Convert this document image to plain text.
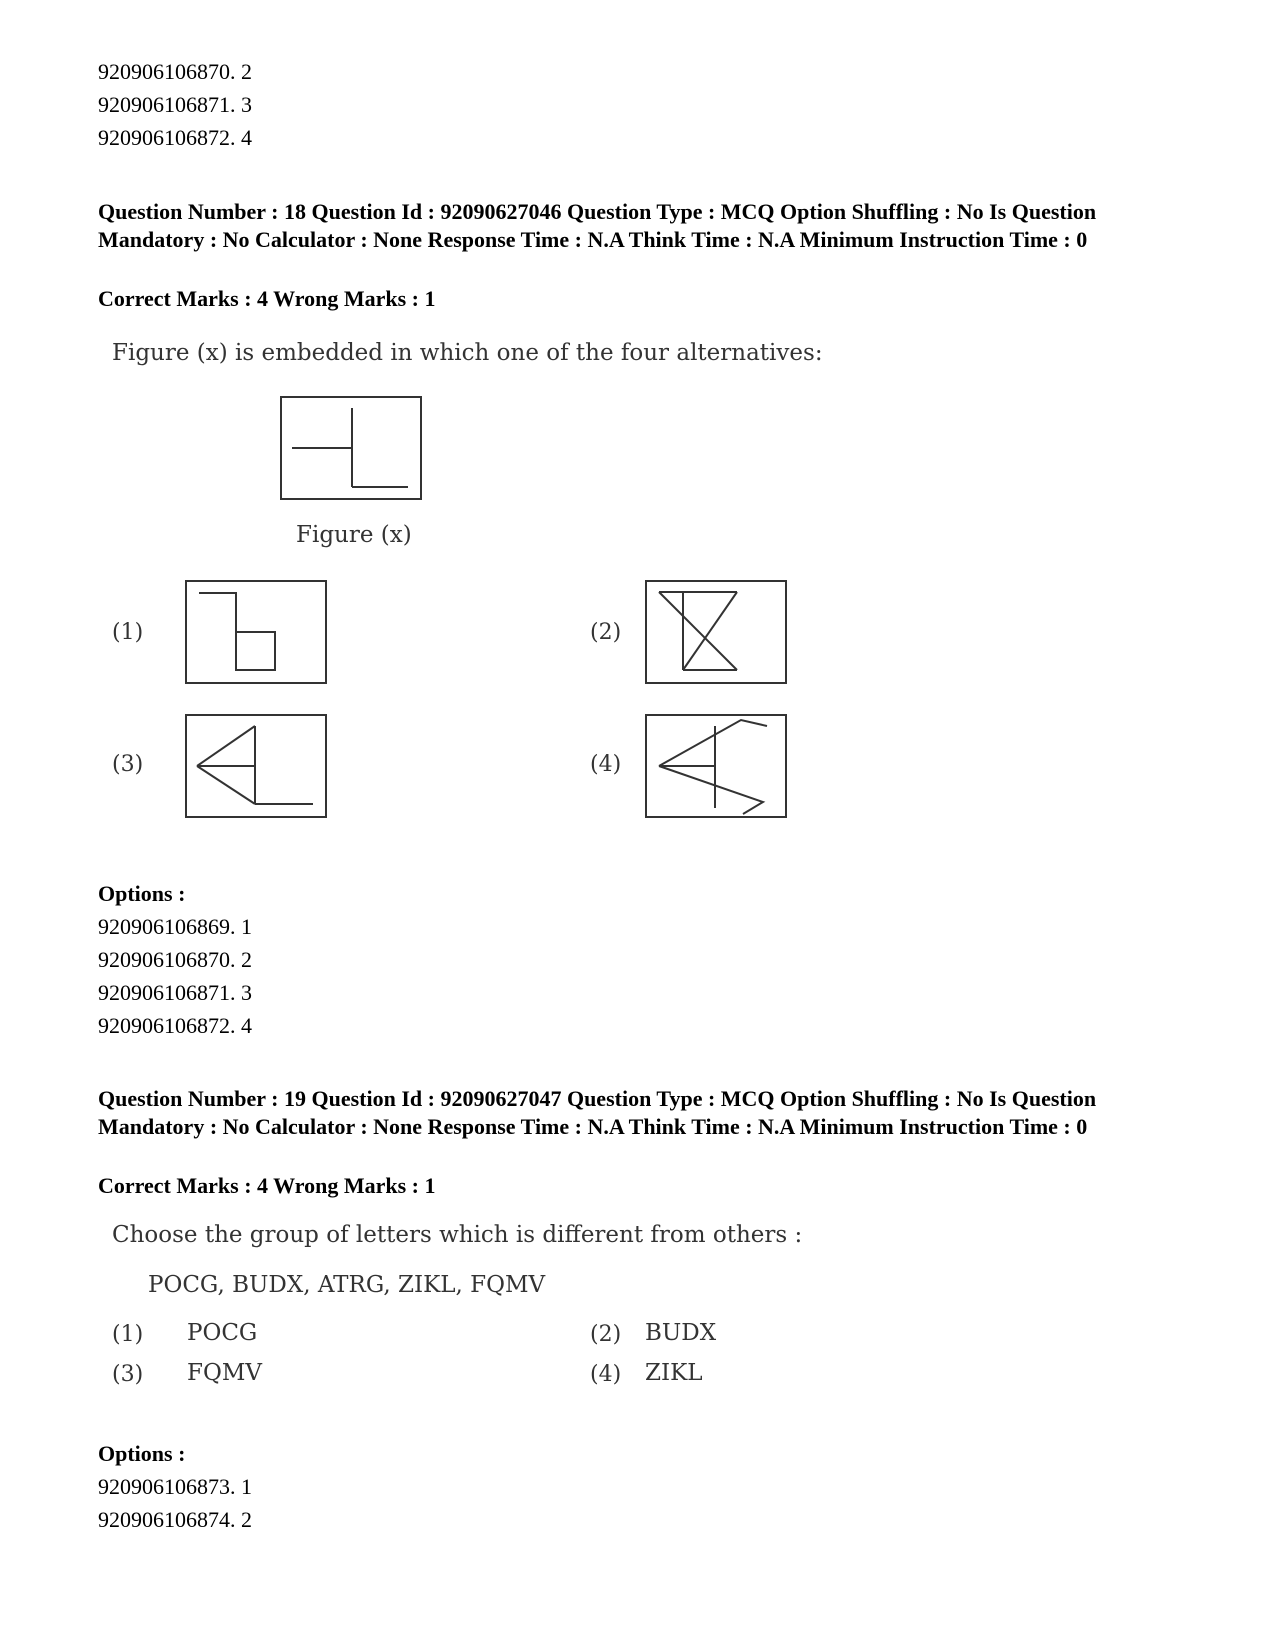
920906106870. 2
920906106871. 3
920906106872. 4
Question Number : 18 Question Id : 92090627046 Question Type : MCQ Option Shuffling : No Is Question Mandatory : No Calculator : None Response Time : N.A Think Time : N.A Minimum Instruction Time : 0
Correct Marks : 4 Wrong Marks : 1
Figure (x) is embedded in which one of the four alternatives:
Figure (x)
(1)	(2)
(3)	(4)
Options :
920906106869. 1
920906106870. 2
920906106871. 3
920906106872. 4
Question Number : 19 Question Id : 92090627047 Question Type : MCQ Option Shuffling : No Is Question Mandatory : No Calculator : None Response Time : N.A Think Time : N.A Minimum Instruction Time : 0
Correct Marks : 4 Wrong Marks : 1
Choose the group of letters which is different from others :
POCG, BUDX, ATRG, ZIKL, FQMV
(1) POCG	(2) BUDX
(3) FQMV	(4) ZIKL
Options :
920906106873. 1
920906106874. 2
